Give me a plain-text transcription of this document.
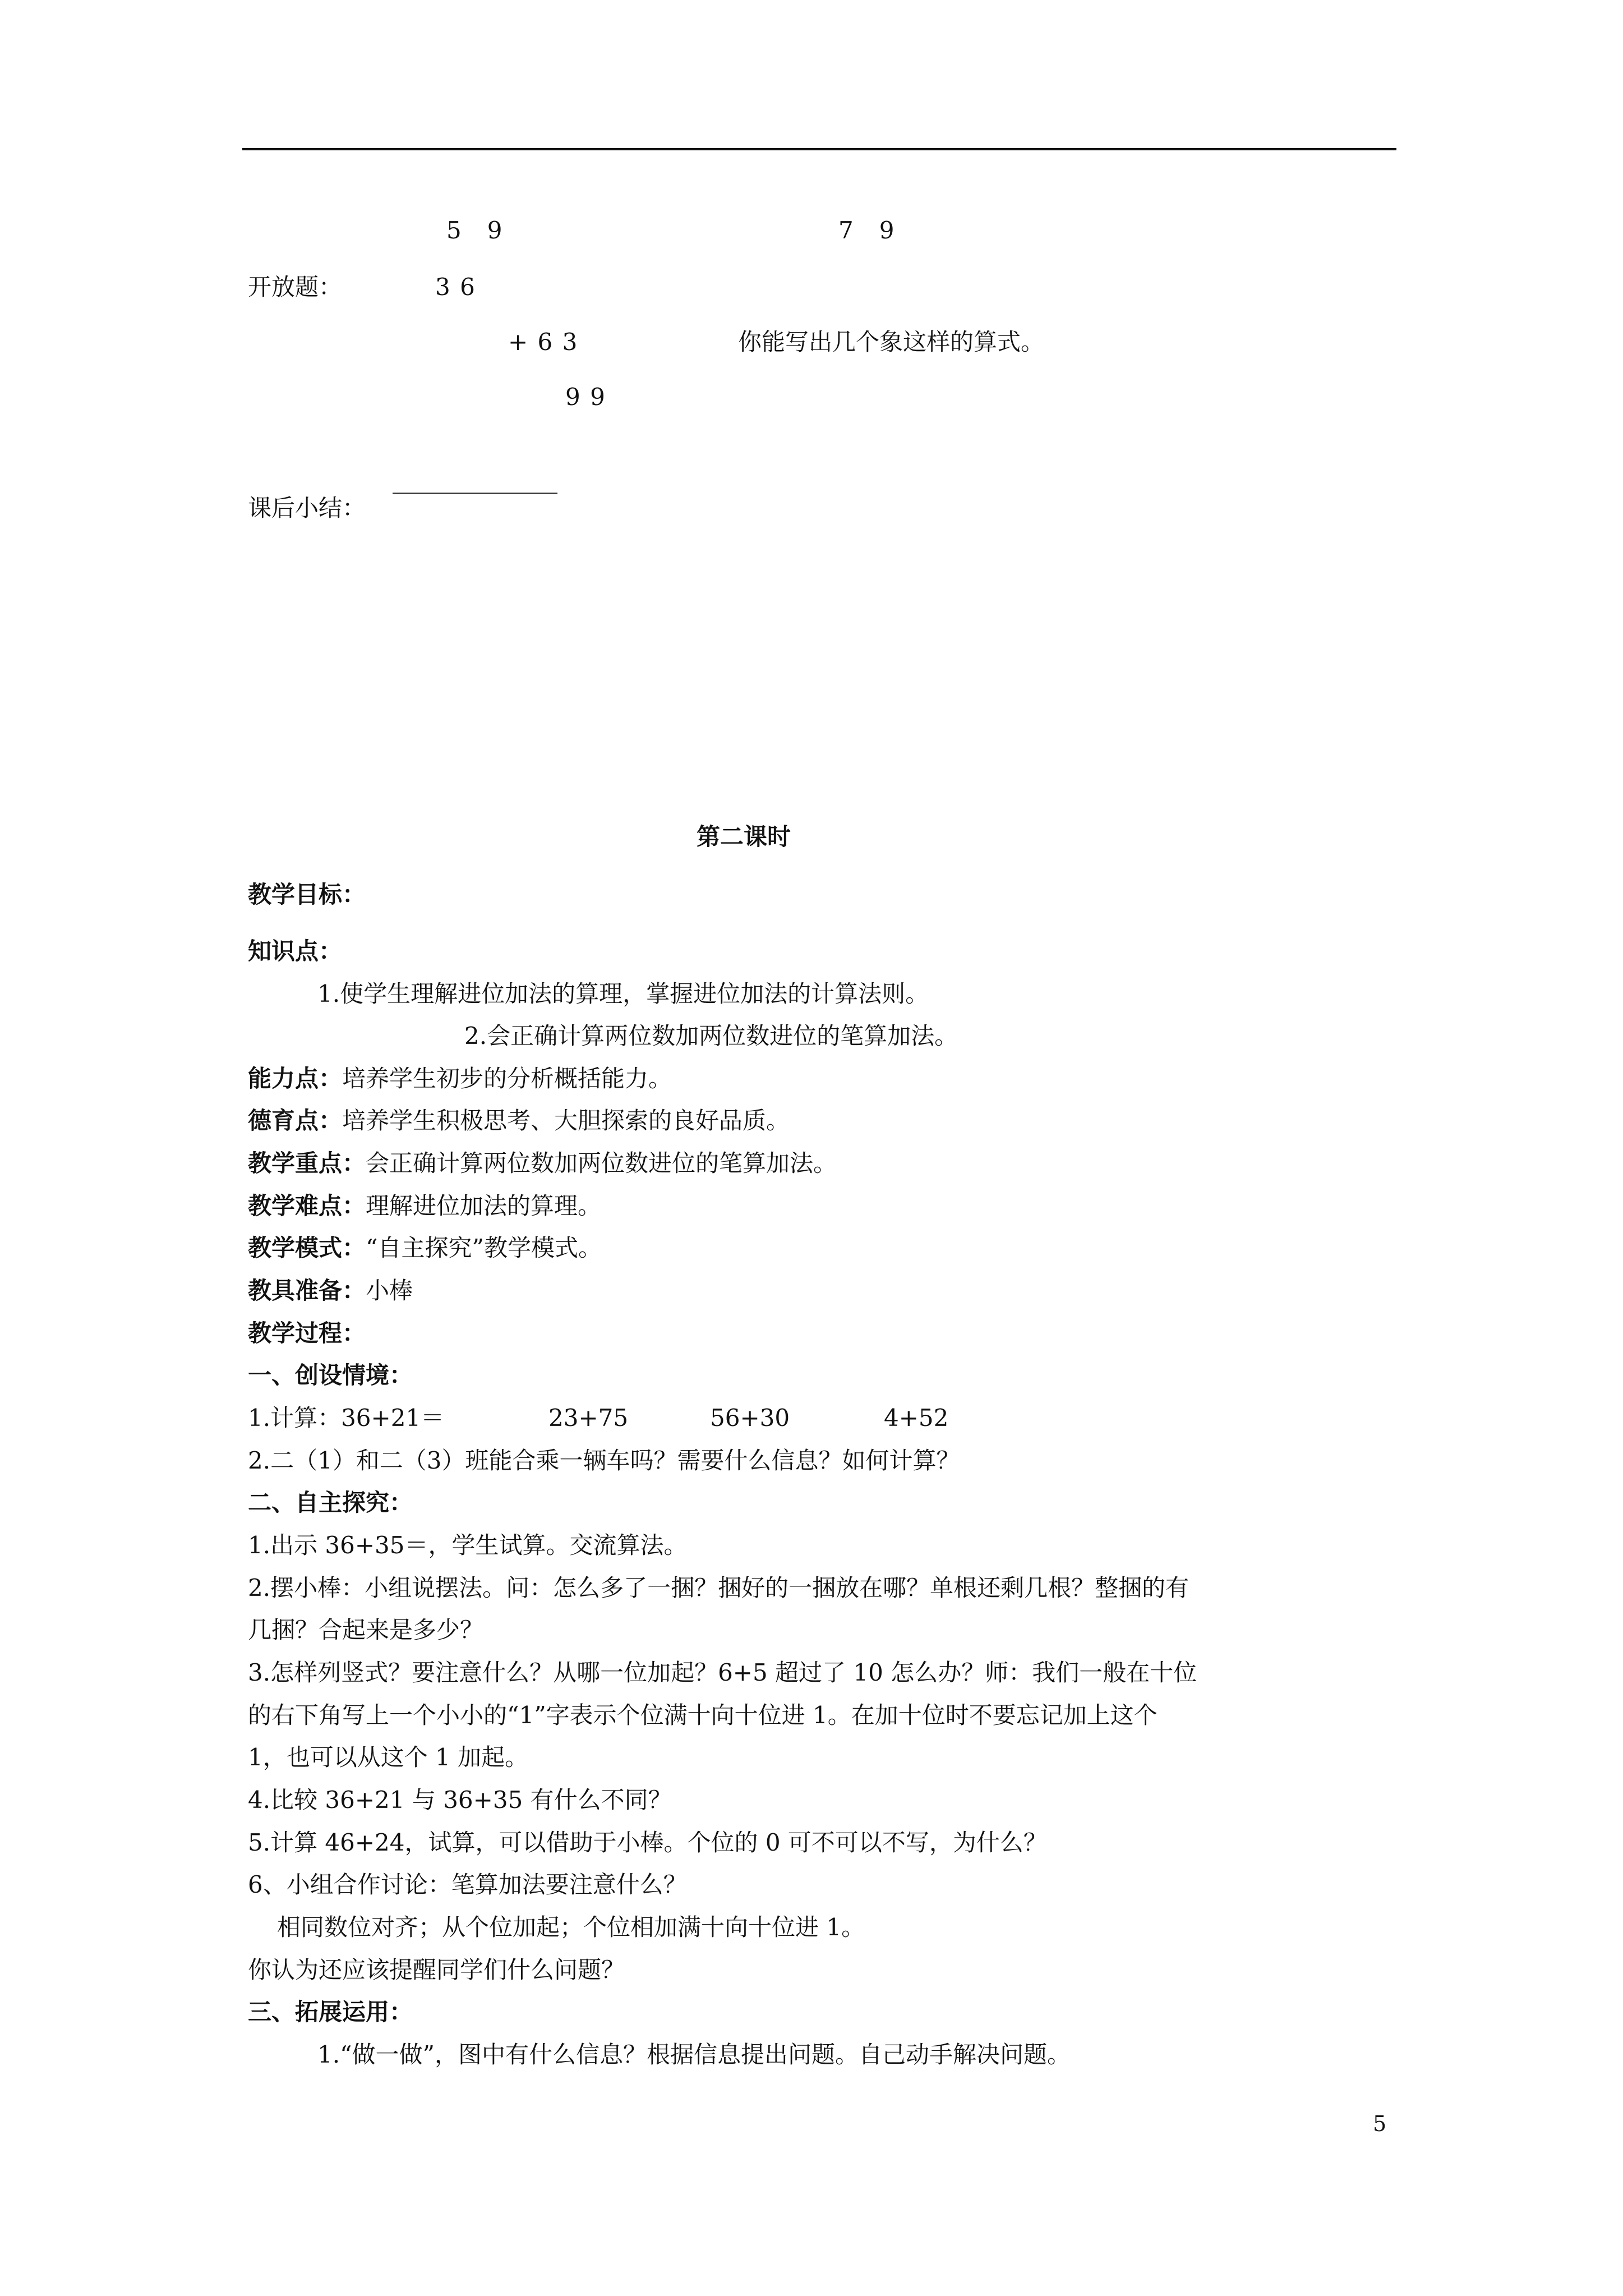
5　9	7　9
开放题：	3 6
+ 6 3	你能写出几个象这样的算式。
9 9
课后小结： ‾‾‾‾‾‾‾‾‾‾‾‾‾‾
第二课时
教学目标：
知识点：
1.使学生理解进位加法的算理，掌握进位加法的计算法则。
2.会正确计算两位数加两位数进位的笔算加法。
能力点：培养学生初步的分析概括能力。
德育点：培养学生积极思考、大胆探索的良好品质。
教学重点：会正确计算两位数加两位数进位的笔算加法。
教学难点：理解进位加法的算理。
教学模式：“自主探究”教学模式。
教具准备：小棒
教学过程：
一、创设情境：
1.计算：36+21＝	23+75	56+30	4+52
2.二（1）和二（3）班能合乘一辆车吗？需要什么信息？如何计算？
二、自主探究：
1.出示 36+35＝，学生试算。交流算法。
2.摆小棒：小组说摆法。问：怎么多了一捆？捆好的一捆放在哪？单根还剩几根？整捆的有
几捆？合起来是多少？
3.怎样列竖式？要注意什么？从哪一位加起？6+5 超过了 10 怎么办？师：我们一般在十位
的右下角写上一个小小的“1”字表示个位满十向十位进 1。在加十位时不要忘记加上这个
1，也可以从这个 1 加起。
4.比较 36+21 与 36+35 有什么不同？
5.计算 46+24，试算，可以借助于小棒。个位的 0 可不可以不写，为什么？
6、小组合作讨论：笔算加法要注意什么？
相同数位对齐；从个位加起；个位相加满十向十位进 1。
你认为还应该提醒同学们什么问题？
三、拓展运用：
1.“做一做”，图中有什么信息？根据信息提出问题。自己动手解决问题。
5
